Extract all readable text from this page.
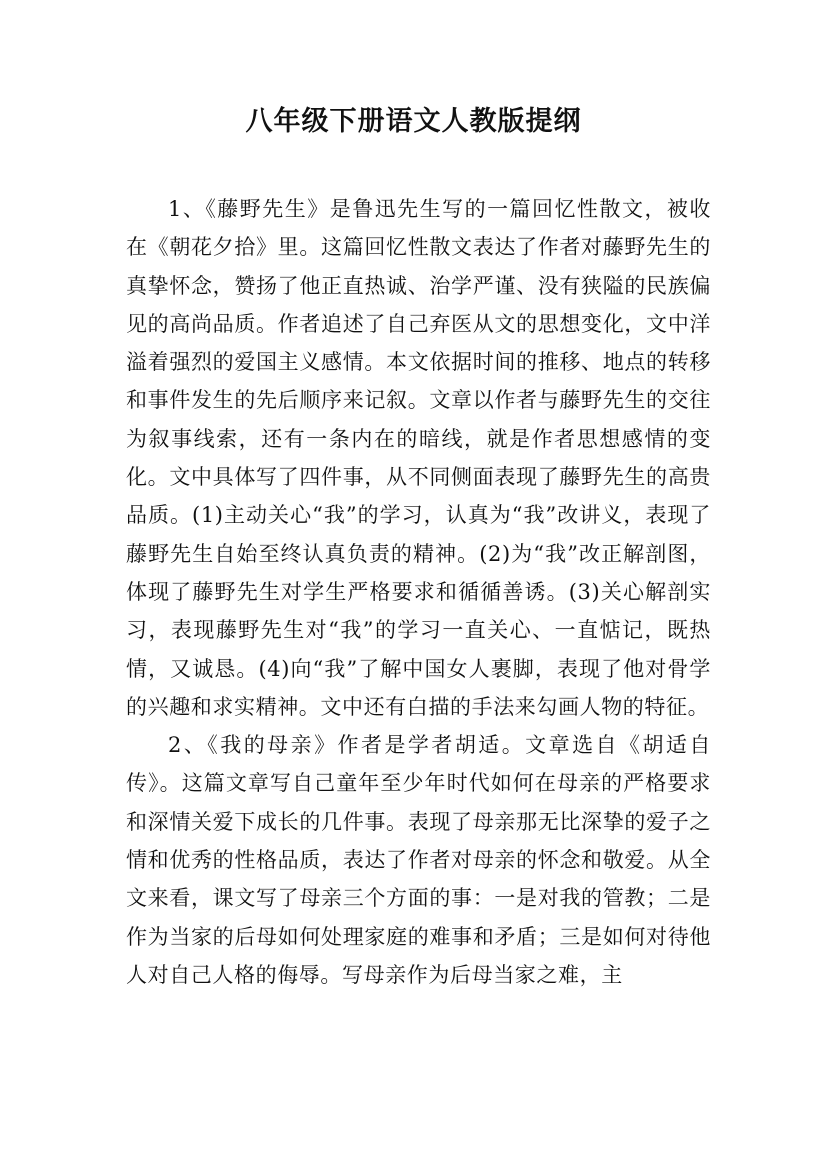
八年级下册语文人教版提纲

1、《藤野先生》是鲁迅先生写的一篇回忆性散文，被收在《朝花夕拾》里。这篇回忆性散文表达了作者对藤野先生的真挚怀念，赞扬了他正直热诚、治学严谨、没有狭隘的民族偏见的高尚品质。作者追述了自己弃医从文的思想变化，文中洋溢着强烈的爱国主义感情。本文依据时间的推移、地点的转移和事件发生的先后顺序来记叙。文章以作者与藤野先生的交往为叙事线索，还有一条内在的暗线，就是作者思想感情的变化。文中具体写了四件事，从不同侧面表现了藤野先生的高贵品质。(1)主动关心“我”的学习，认真为“我”改讲义，表现了藤野先生自始至终认真负责的精神。(2)为“我”改正解剖图，体现了藤野先生对学生严格要求和循循善诱。(3)关心解剖实习，表现藤野先生对“我”的学习一直关心、一直惦记，既热情，又诚恳。(4)向“我”了解中国女人裹脚，表现了他对骨学的兴趣和求实精神。文中还有白描的手法来勾画人物的特征。

2、《我的母亲》作者是学者胡适。文章选自《胡适自传》。这篇文章写自己童年至少年时代如何在母亲的严格要求和深情关爱下成长的几件事。表现了母亲那无比深挚的爱子之情和优秀的性格品质，表达了作者对母亲的怀念和敬爱。从全文来看，课文写了母亲三个方面的事：一是对我的管教；二是作为当家的后母如何处理家庭的难事和矛盾；三是如何对待他人对自己人格的侮辱。写母亲作为后母当家之难，主
